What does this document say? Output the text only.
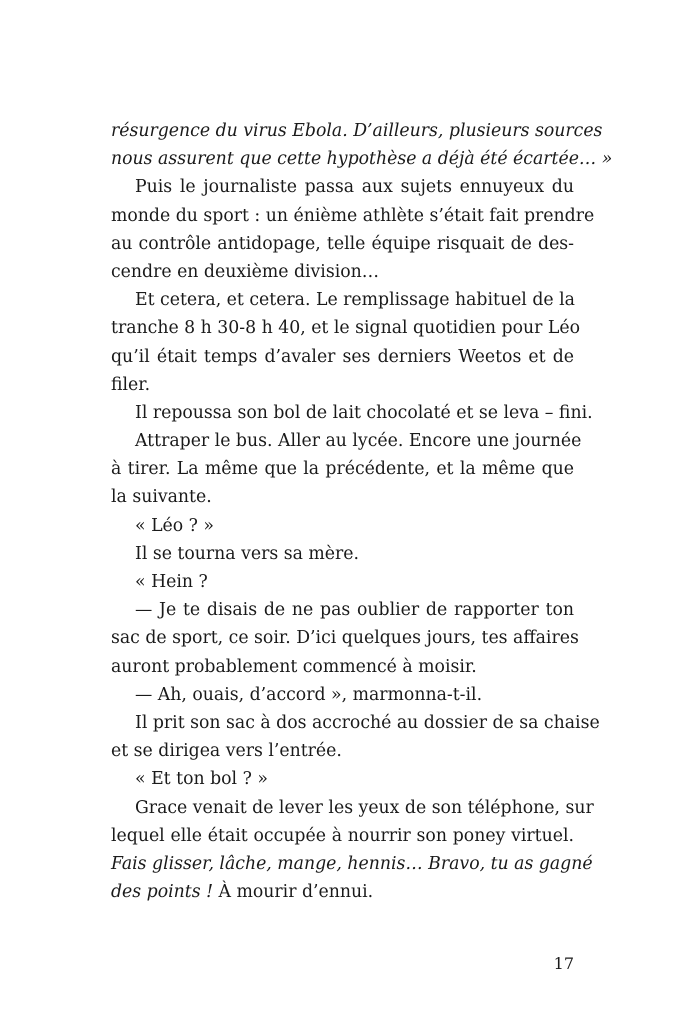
résurgence du virus Ebola. D’ailleurs, plusieurs sources
nous assurent que cette hypothèse a déjà été écartée… »
Puis le journaliste passa aux sujets ennuyeux du
monde du sport : un énième athlète s’était fait prendre
au contrôle antidopage, telle équipe risquait de des-
cendre en deuxième division…
Et cetera, et cetera. Le remplissage habituel de la
tranche 8 h 30-8 h 40, et le signal quotidien pour Léo
qu’il était temps d’avaler ses derniers Weetos et de
filer.
Il repoussa son bol de lait chocolaté et se leva – fini.
Attraper le bus. Aller au lycée. Encore une journée
à tirer. La même que la précédente, et la même que
la suivante.
« Léo ? »
Il se tourna vers sa mère.
« Hein ?
— Je te disais de ne pas oublier de rapporter ton
sac de sport, ce soir. D’ici quelques jours, tes affaires
auront probablement commencé à moisir.
— Ah, ouais, d’accord », marmonna-t-il.
Il prit son sac à dos accroché au dossier de sa chaise
et se dirigea vers l’entrée.
« Et ton bol ? »
Grace venait de lever les yeux de son téléphone, sur
lequel elle était occupée à nourrir son poney virtuel.
Fais glisser, lâche, mange, hennis… Bravo, tu as gagné
des points ! À mourir d’ennui.
17
